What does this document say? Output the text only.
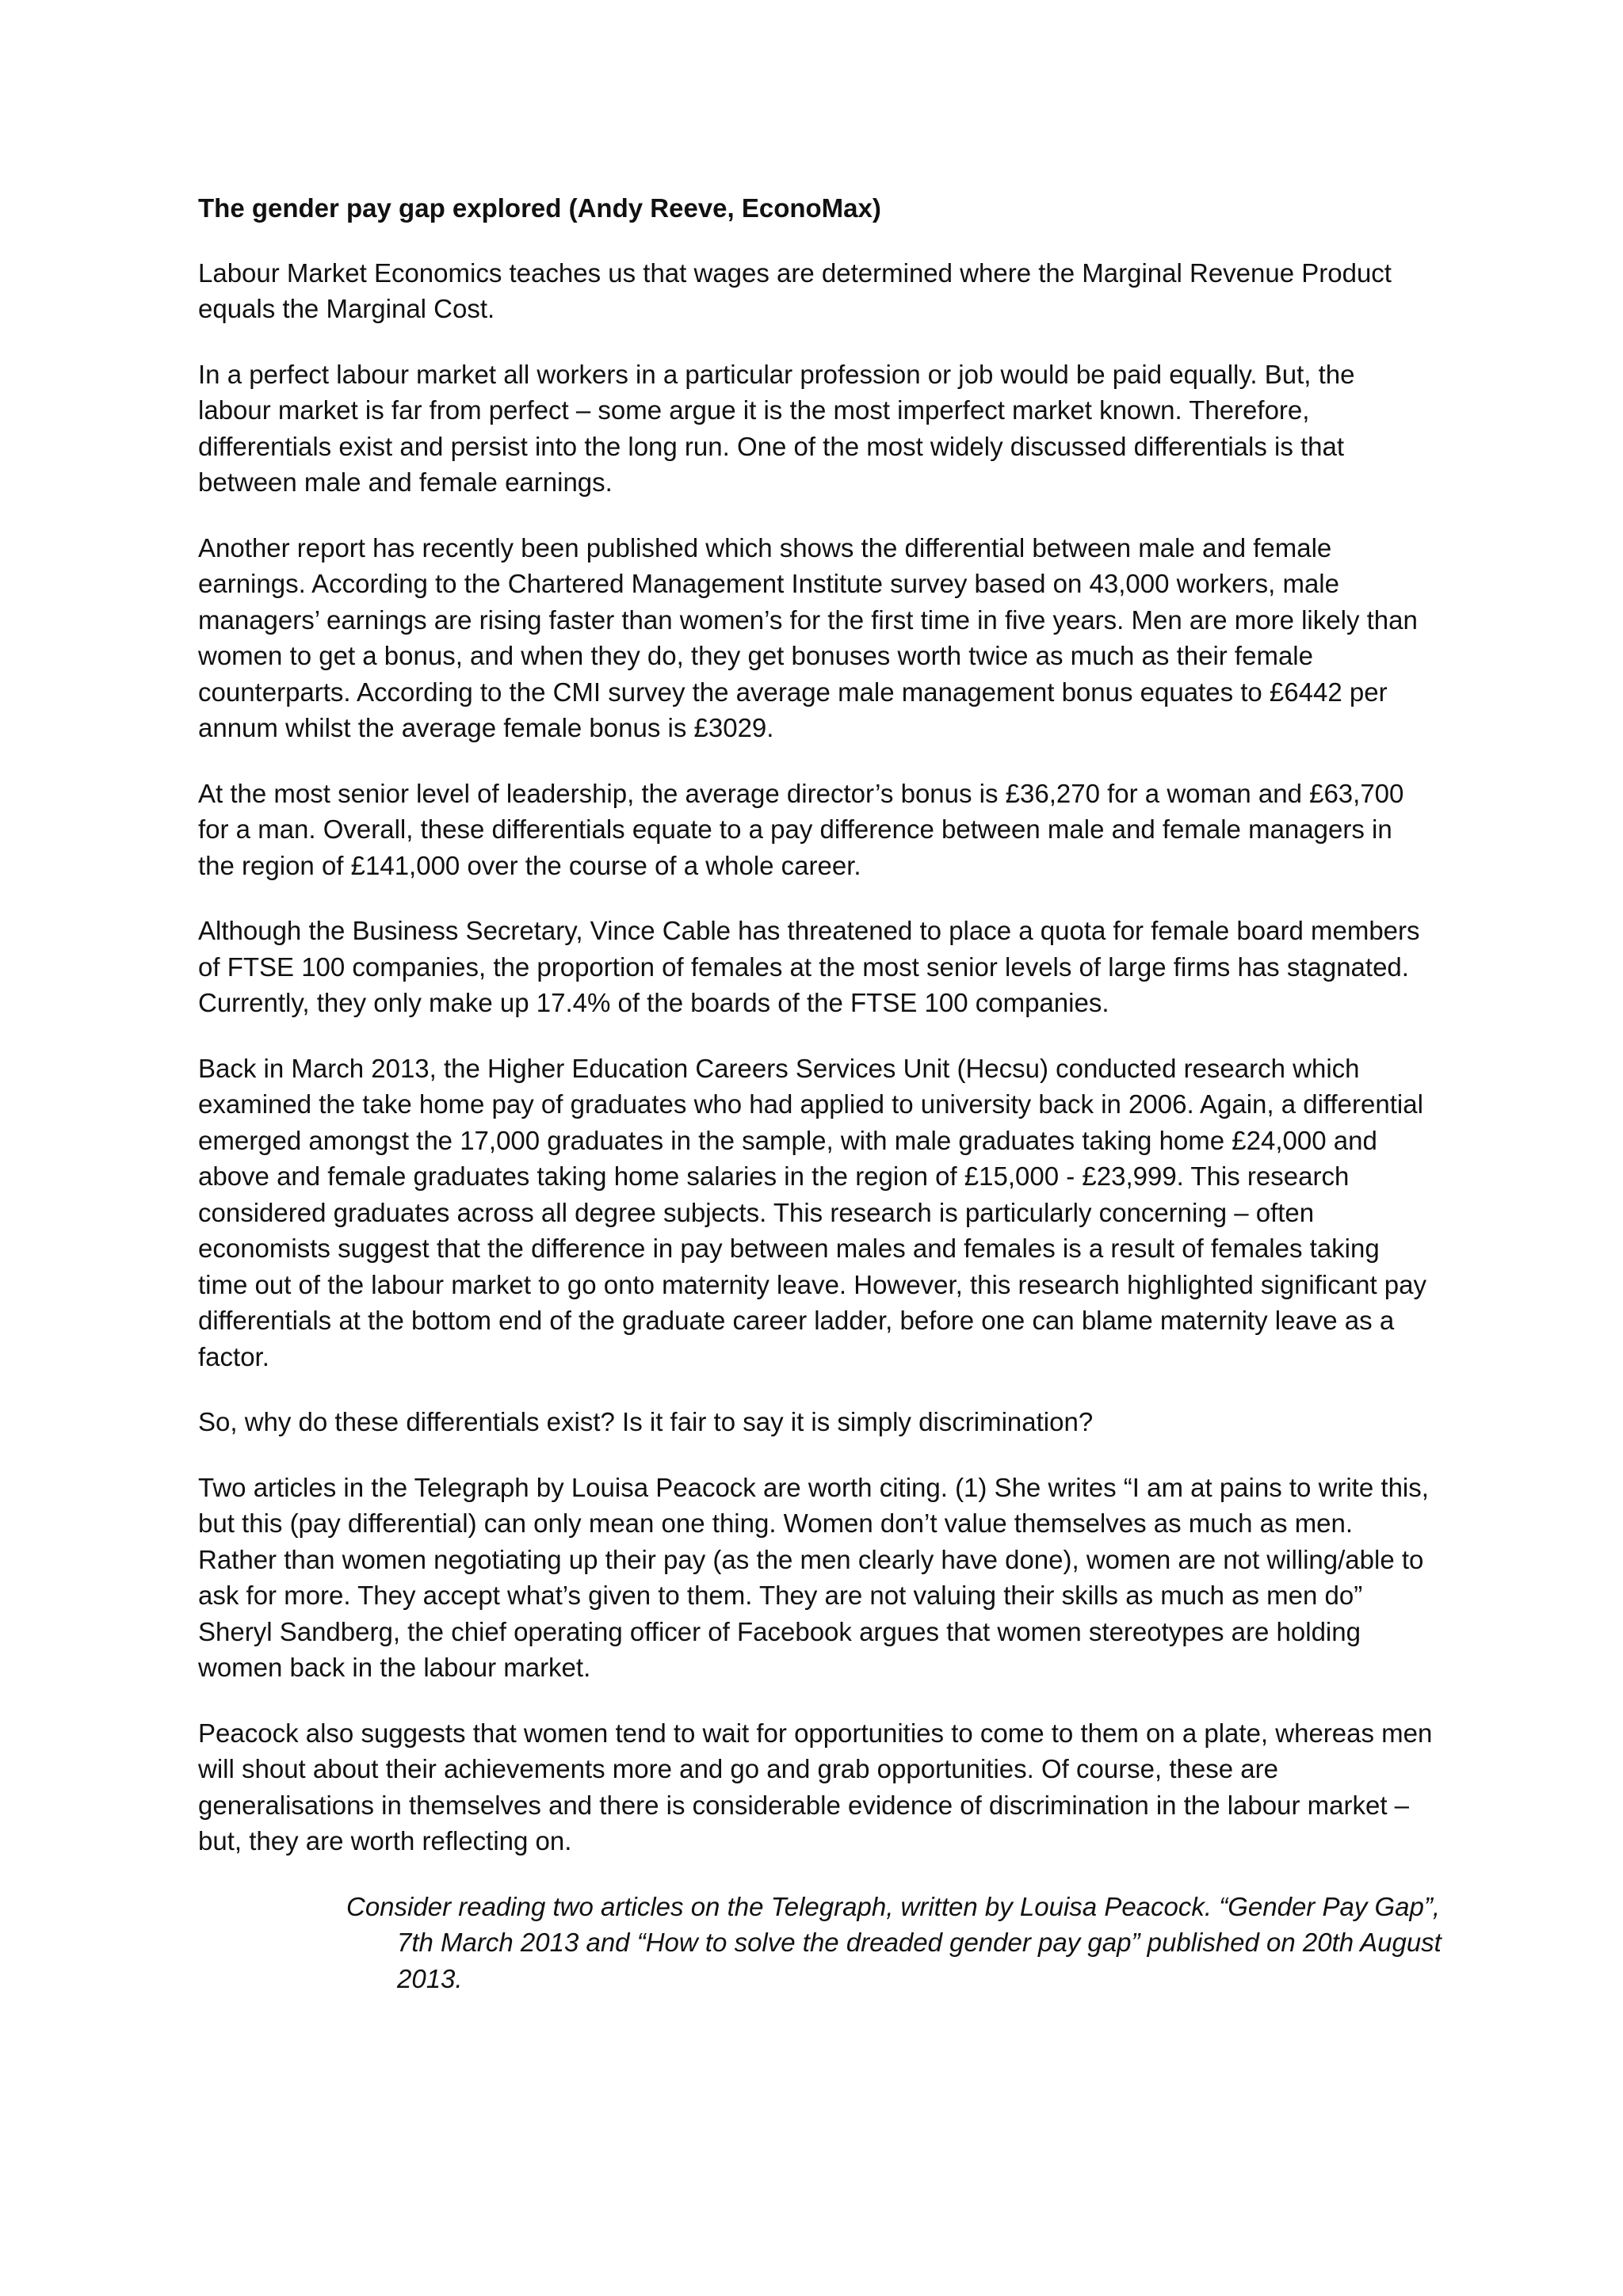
The gender pay gap explored (Andy Reeve, EconoMax)

Labour Market Economics teaches us that wages are determined where the Marginal Revenue Product equals the Marginal Cost.

In a perfect labour market all workers in a particular profession or job would be paid equally. But, the labour market is far from perfect – some argue it is the most imperfect market known. Therefore, differentials exist and persist into the long run. One of the most widely discussed differentials is that between male and female earnings.

Another report has recently been published which shows the differential between male and female earnings. According to the Chartered Management Institute survey based on 43,000 workers, male managers’ earnings are rising faster than women’s for the first time in five years. Men are more likely than women to get a bonus, and when they do, they get bonuses worth twice as much as their female counterparts. According to the CMI survey the average male management bonus equates to £6442 per annum whilst the average female bonus is £3029.

At the most senior level of leadership, the average director’s bonus is £36,270 for a woman and £63,700 for a man. Overall, these differentials equate to a pay difference between male and female managers in the region of £141,000 over the course of a whole career.

Although the Business Secretary, Vince Cable has threatened to place a quota for female board members of FTSE 100 companies, the proportion of females at the most senior levels of large firms has stagnated. Currently, they only make up 17.4% of the boards of the FTSE 100 companies.

Back in March 2013, the Higher Education Careers Services Unit (Hecsu) conducted research which examined the take home pay of graduates who had applied to university back in 2006. Again, a differential emerged amongst the 17,000 graduates in the sample, with male graduates taking home £24,000 and above and female graduates taking home salaries in the region of £15,000 - £23,999. This research considered graduates across all degree subjects. This research is particularly concerning – often economists suggest that the difference in pay between males and females is a result of females taking time out of the labour market to go onto maternity leave. However, this research highlighted significant pay differentials at the bottom end of the graduate career ladder, before one can blame maternity leave as a factor.

So, why do these differentials exist? Is it fair to say it is simply discrimination?

Two articles in the Telegraph by Louisa Peacock are worth citing. (1) She writes “I am at pains to write this, but this (pay differential) can only mean one thing. Women don’t value themselves as much as men. Rather than women negotiating up their pay (as the men clearly have done), women are not willing/able to ask for more. They accept what’s given to them. They are not valuing their skills as much as men do” Sheryl Sandberg, the chief operating officer of Facebook argues that women stereotypes are holding women back in the labour market.

Peacock also suggests that women tend to wait for opportunities to come to them on a plate, whereas men will shout about their achievements more and go and grab opportunities. Of course, these are generalisations in themselves and there is considerable evidence of discrimination in the labour market – but, they are worth reflecting on.

Consider reading two articles on the Telegraph, written by Louisa Peacock. “Gender Pay Gap”, 7th March 2013 and “How to solve the dreaded gender pay gap” published on 20th August 2013.
